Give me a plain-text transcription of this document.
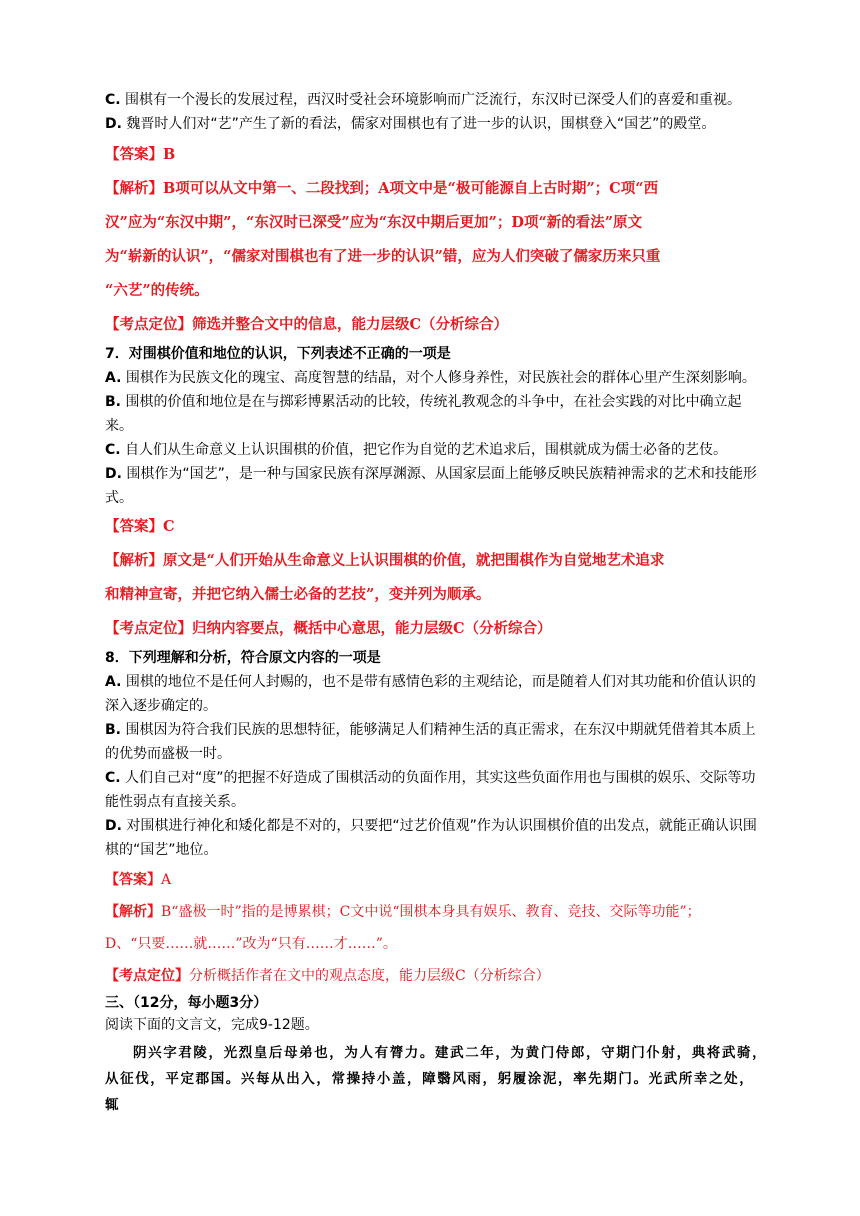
C. 围棋有一个漫长的发展过程，西汉时受社会环境影响而广泛流行，东汉时已深受人们的喜爱和重视。

D. 魏晋时人们对“艺”产生了新的看法，儒家对围棋也有了进一步的认识，围棋登入“国艺”的殿堂。

【答案】B
【解析】B项可以从文中第一、二段找到；A项文中是“极可能源自上古时期”；C项“西
汉”应为“东汉中期”，“东汉时已深受”应为“东汉中期后更加”；D项“新的看法”原文
为“崭新的认识”，“儒家对围棋也有了进一步的认识”错，应为人们突破了儒家历来只重
“六艺”的传统。
【考点定位】筛选并整合文中的信息，能力层级C（分析综合）

7．对围棋价值和地位的认识，下列表述不正确的一项是

A. 围棋作为民族文化的瑰宝、高度智慧的结晶，对个人修身养性，对民族社会的群体心里产生深刻影响。

B. 围棋的价值和地位是在与掷彩博累活动的比较，传统礼教观念的斗争中，在社会实践的对比中确立起来。

C. 自人们从生命意义上认识围棋的价值，把它作为自觉的艺术追求后，围棋就成为儒士必备的艺伎。

D. 围棋作为“国艺”，是一种与国家民族有深厚渊源、从国家层面上能够反映民族精神需求的艺术和技能形式。

【答案】C
【解析】原文是“人们开始从生命意义上认识围棋的价值，就把围棋作为自觉地艺术追求
和精神宣寄，并把它纳入儒士必备的艺技”，变并列为顺承。
【考点定位】归纳内容要点，概括中心意思，能力层级C（分析综合）

8．下列理解和分析，符合原文内容的一项是

A. 围棋的地位不是任何人封赐的，也不是带有感情色彩的主观结论，而是随着人们对其功能和价值认识的深入逐步确定的。

B. 围棋因为符合我们民族的思想特征，能够满足人们精神生活的真正需求，在东汉中期就凭借着其本质上的优势而盛极一时。

C. 人们自己对“度”的把握不好造成了围棋活动的负面作用，其实这些负面作用也与围棋的娱乐、交际等功能性弱点有直接关系。

D. 对围棋进行神化和矮化都是不对的，只要把“过艺价值观”作为认识围棋价值的出发点，就能正确认识围棋的“国艺”地位。

【答案】A
【解析】B“盛极一时”指的是博累棋；C文中说“围棋本身具有娱乐、教育、竞技、交际等功能”；
D、“只要……就……”改为“只有……才……”。
【考点定位】分析概括作者在文中的观点态度，能力层级C（分析综合）

三、（12分，每小题3分）

阅读下面的文言文，完成9-12题。

阴兴字君陵，光烈皇后母弟也，为人有膂力。建武二年，为黄门侍郎，守期门仆射，典将武骑，从征伐，平定郡国。兴每从出入，常操持小盖，障翳风雨，躬履涂泥，率先期门。光武所幸之处，辄
